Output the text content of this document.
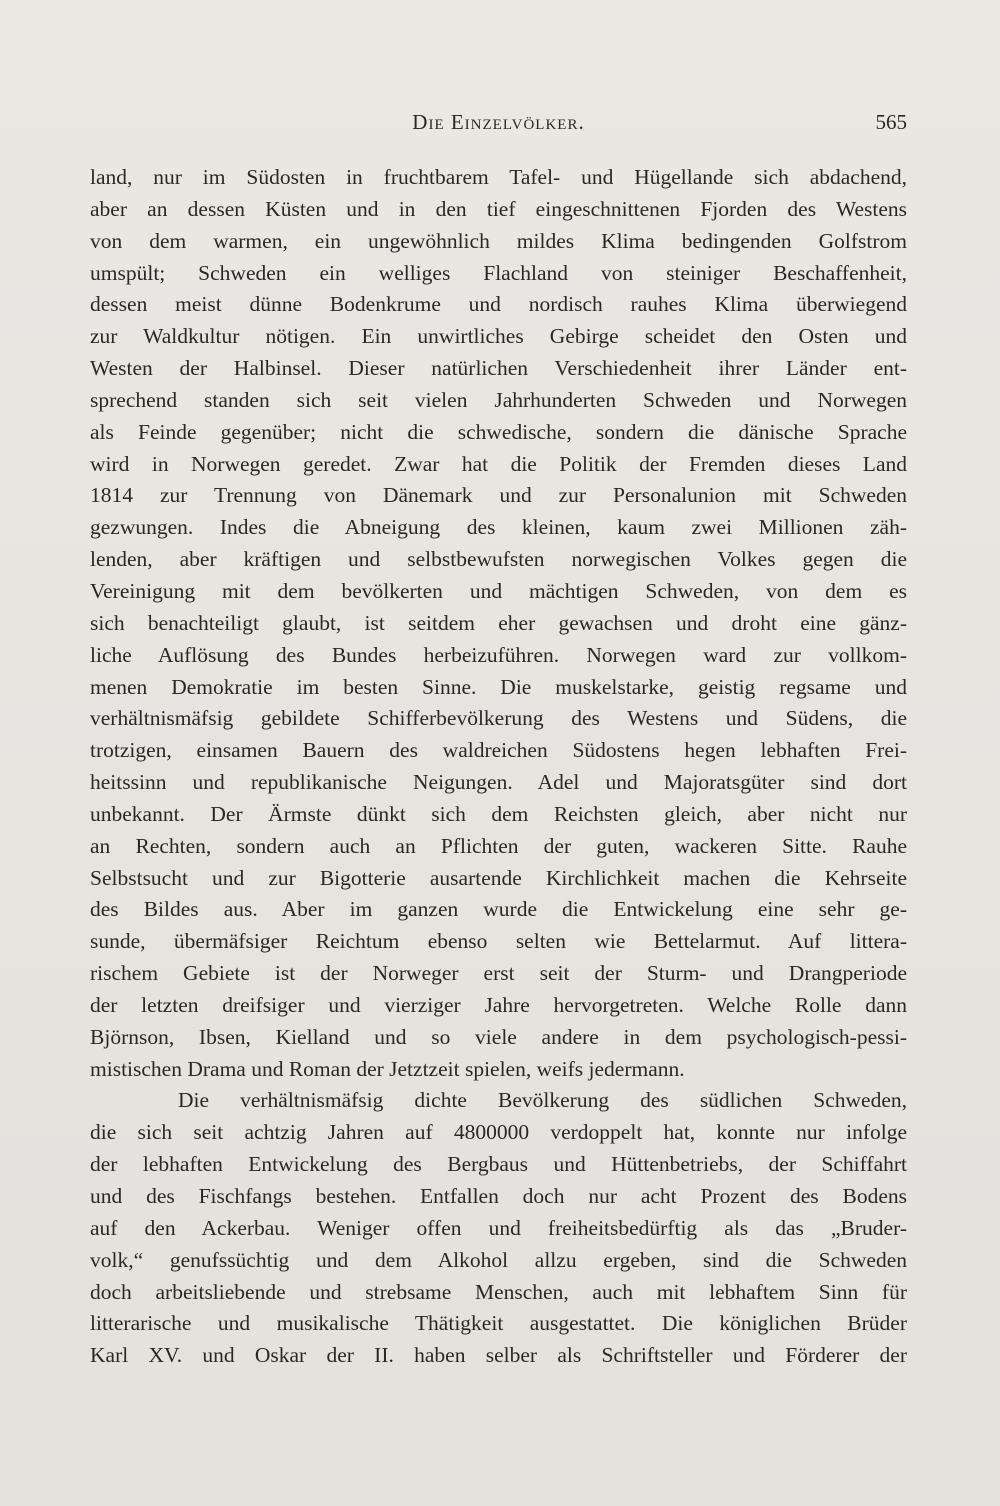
Die Einzelvölker.	565
land, nur im Südosten in fruchtbarem Tafel- und Hügellande sich abdachend,
aber an dessen Küsten und in den tief eingeschnittenen Fjorden des Westens
von dem warmen, ein ungewöhnlich mildes Klima bedingenden Golfstrom
umspült; Schweden ein welliges Flachland von steiniger Beschaffenheit,
dessen meist dünne Bodenkrume und nordisch rauhes Klima überwiegend
zur Waldkultur nötigen. Ein unwirtliches Gebirge scheidet den Osten und
Westen der Halbinsel. Dieser natürlichen Verschiedenheit ihrer Länder ent-
sprechend standen sich seit vielen Jahrhunderten Schweden und Norwegen
als Feinde gegenüber; nicht die schwedische, sondern die dänische Sprache
wird in Norwegen geredet. Zwar hat die Politik der Fremden dieses Land
1814 zur Trennung von Dänemark und zur Personalunion mit Schweden
gezwungen. Indes die Abneigung des kleinen, kaum zwei Millionen zäh-
lenden, aber kräftigen und selbstbewufsten norwegischen Volkes gegen die
Vereinigung mit dem bevölkerten und mächtigen Schweden, von dem es
sich benachteiligt glaubt, ist seitdem eher gewachsen und droht eine gänz-
liche Auflösung des Bundes herbeizuführen. Norwegen ward zur vollkom-
menen Demokratie im besten Sinne. Die muskelstarke, geistig regsame und
verhältnismäfsig gebildete Schifferbevölkerung des Westens und Südens, die
trotzigen, einsamen Bauern des waldreichen Südostens hegen lebhaften Frei-
heitssinn und republikanische Neigungen. Adel und Majoratsgüter sind dort
unbekannt. Der Ärmste dünkt sich dem Reichsten gleich, aber nicht nur
an Rechten, sondern auch an Pflichten der guten, wackeren Sitte. Rauhe
Selbstsucht und zur Bigotterie ausartende Kirchlichkeit machen die Kehrseite
des Bildes aus. Aber im ganzen wurde die Entwickelung eine sehr ge-
sunde, übermäfsiger Reichtum ebenso selten wie Bettelarmut. Auf littera-
rischem Gebiete ist der Norweger erst seit der Sturm- und Drangperiode
der letzten dreifsiger und vierziger Jahre hervorgetreten. Welche Rolle dann
Björnson, Ibsen, Kielland und so viele andere in dem psychologisch-pessi-
mistischen Drama und Roman der Jetztzeit spielen, weifs jedermann.
Die verhältnismäfsig dichte Bevölkerung des südlichen Schweden,
die sich seit achtzig Jahren auf 4800000 verdoppelt hat, konnte nur infolge
der lebhaften Entwickelung des Bergbaus und Hüttenbetriebs, der Schiffahrt
und des Fischfangs bestehen. Entfallen doch nur acht Prozent des Bodens
auf den Ackerbau. Weniger offen und freiheitsbedürftig als das „Bruder-
volk,“ genufssüchtig und dem Alkohol allzu ergeben, sind die Schweden
doch arbeitsliebende und strebsame Menschen, auch mit lebhaftem Sinn für
litterarische und musikalische Thätigkeit ausgestattet. Die königlichen Brüder
Karl XV. und Oskar der II. haben selber als Schriftsteller und Förderer der
